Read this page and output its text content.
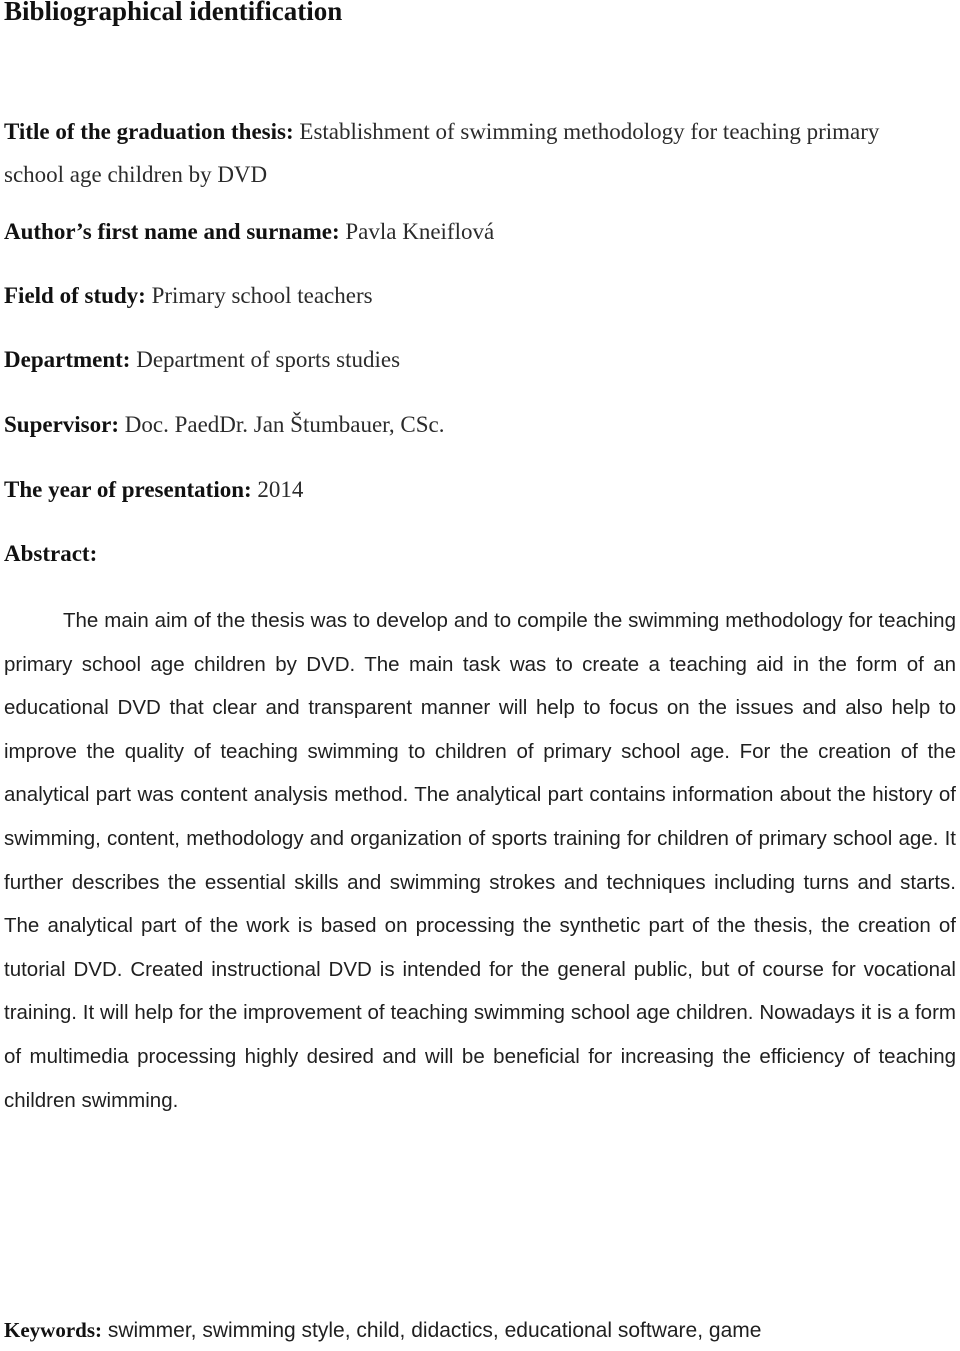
Bibliographical identification
Title of the graduation thesis: Establishment of swimming methodology for teaching primary school age children by DVD
Author’s first name and surname: Pavla Kneiflová
Field of study: Primary school teachers
Department: Department of sports studies
Supervisor: Doc. PaedDr. Jan Štumbauer, CSc.
The year of presentation: 2014
Abstract:
The main aim of the thesis was to develop and to compile the swimming methodology for teaching primary school age children by DVD. The main task was to create a teaching aid in the form of an educational DVD that clear and transparent manner will help to focus on the issues and also help to improve the quality of teaching swimming to children of primary school age. For the creation of the analytical part was content analysis method. The analytical part contains information about the history of swimming, content, methodology and organization of sports training for children of primary school age. It further describes the essential skills and swimming strokes and techniques including turns and starts. The analytical part of the work is based on processing the synthetic part of the thesis, the creation of tutorial DVD. Created instructional DVD is intended for the general public, but of course for vocational training. It will help for the improvement of teaching swimming school age children. Nowadays it is a form of multimedia processing highly desired and will be beneficial for increasing the efficiency of teaching children swimming.
Keywords: swimmer, swimming style, child, didactics, educational software, game
